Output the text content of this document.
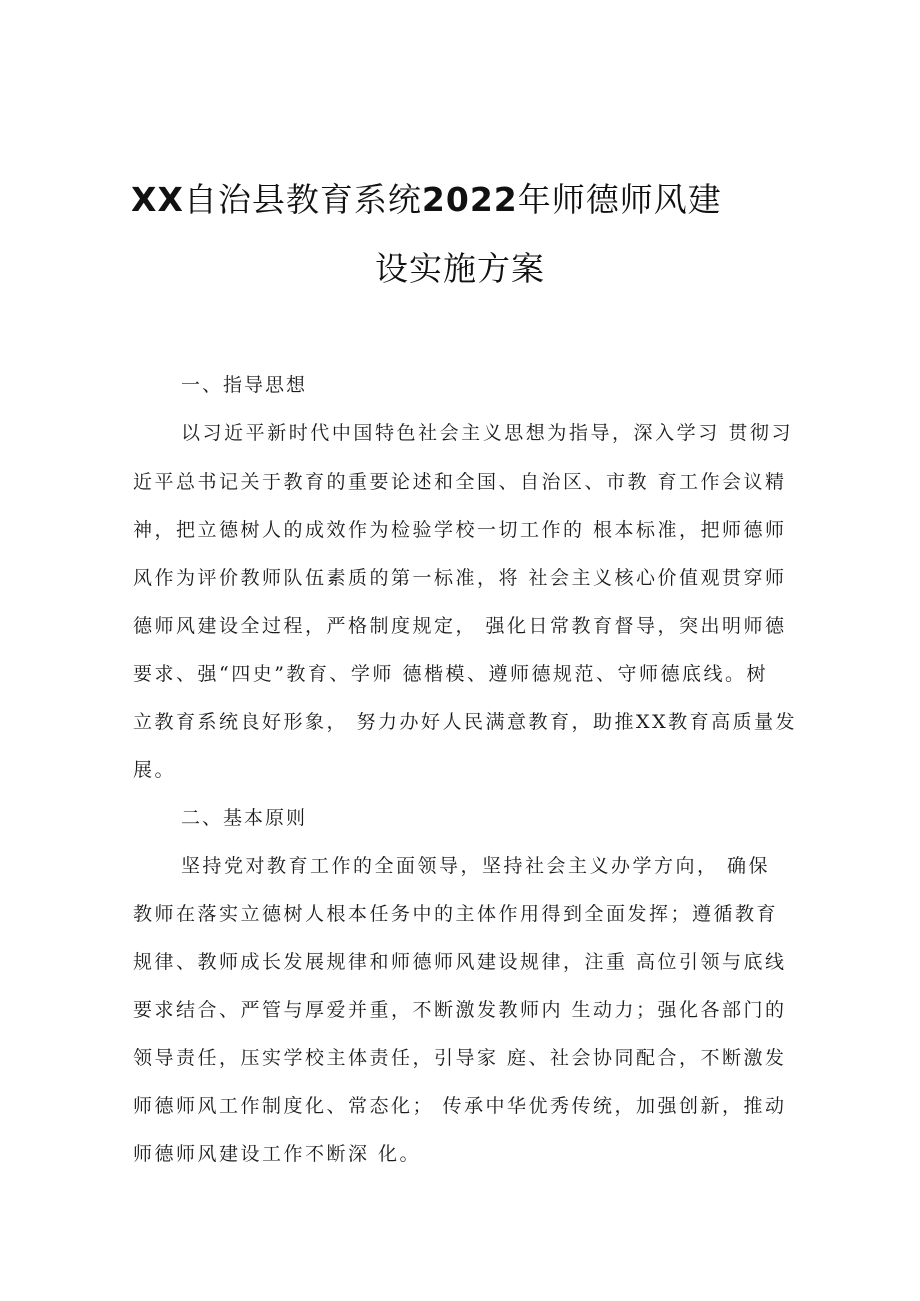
XX自治县教育系统2022年师德师风建
设实施方案
一、指导思想
以习近平新时代中国特色社会主义思想为指导，深入学习 贯彻习
近平总书记关于教育的重要论述和全国、自治区、市教 育工作会议精
神，把立德树人的成效作为检验学校一切工作的 根本标准，把师德师
风作为评价教师队伍素质的第一标准，将 社会主义核心价值观贯穿师
德师风建设全过程，严格制度规定， 强化日常教育督导，突出明师德
要求、强“四史”教育、学师 德楷模、遵师德规范、守师德底线。树
立教育系统良好形象， 努力办好人民满意教育，助推XX教育高质量发
展。
二、基本原则
坚持党对教育工作的全面领导，坚持社会主义办学方向， 确保
教师在落实立德树人根本任务中的主体作用得到全面发挥；遵循教育
规律、教师成长发展规律和师德师风建设规律，注重 高位引领与底线
要求结合、严管与厚爱并重，不断激发教师内 生动力；强化各部门的
领导责任，压实学校主体责任，引导家 庭、社会协同配合，不断激发
师德师风工作制度化、常态化； 传承中华优秀传统，加强创新，推动
师德师风建设工作不断深 化。
